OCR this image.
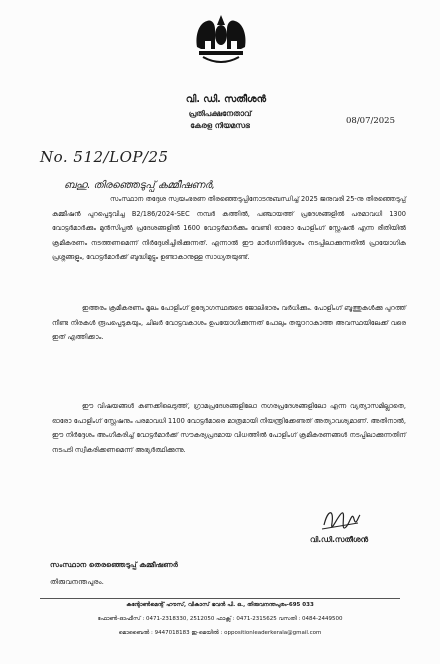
വി. ഡി. സതീശൻ
പ്രതിപക്ഷനേതാവ്
കേരള നിയമസഭ	08/07/2025
No. 512/LOP/25
ബഹു. തിരഞ്ഞെടുപ്പ് കമ്മീഷണർ,
സംസ്ഥാന തദ്ദേശ സ്വയംഭരണ തിരഞ്ഞെടുപ്പിനോടനുബന്ധിച്ച് 2025 ജനുവരി 25-നു തിരഞ്ഞെടുപ്പ് കമ്മീഷൻ പുറപ്പെടുവിച്ച B2/186/2024-SEC നമ്പർ കത്തിൽ, പഞ്ചായത്ത് പ്രദേശങ്ങളിൽ പരമാവധി 1300 വോട്ടർമാർക്കും മുൻസിപ്പൽ പ്രദേശങ്ങളിൽ 1600 വോട്ടർമാർക്കും വേണ്ടി ഓരോ പോളിംഗ് സ്റ്റേഷൻ എന്ന രീതിയിൽ ക്രമീകരണം നടത്തണമെന്ന് നിർദ്ദേശിച്ചിരിക്കുന്നത്. എന്നാൽ ഈ മാർഗനിർദ്ദേശം നടപ്പിലാക്കുന്നതിൽ പ്രായോഗിക പ്രശ്നങ്ങളും, വോട്ടർമാർക്ക് ബുദ്ധിമുട്ടും ഉണ്ടാകാനുള്ള സാധ്യതയുണ്ട്.
ഇത്തരം ക്രമീകരണം മൂലം പോളിംഗ് ഉദ്യോഗസ്ഥരുടെ ജോലിഭാരം വർധിക്കും. പോളിംഗ് ബൂത്തുകൾക്കു പുറത്ത് നീണ്ട നിരകൾ രൂപപ്പെടുകയും, ചിലർ വോട്ടവകാശം ഉപയോഗിക്കുന്നത് പോലും തയ്യാറാകാത്ത അവസ്ഥയിലേക്ക് വരെ ഇത് എത്തിക്കാം.
ഈ വിഷയങ്ങൾ കണക്കിലെടുത്ത്, ഗ്രാമപ്രദേശങ്ങളിലോ നഗരപ്രദേശങ്ങളിലോ എന്ന വ്യത്യാസമില്ലാതെ, ഓരോ പോളിംഗ് സ്റ്റേഷനും പരമാവധി 1100 വോട്ടർമാരെ മാത്രമായി നിയന്ത്രിക്കേണ്ടത് അത്യാവശ്യമാണ്. അതിനാൽ, ഈ നിർദ്ദേശം അംഗീകരിച്ച് വോട്ടർമാർക്ക് സൗകര്യപ്രദമായ വിധത്തിൽ പോളിംഗ് ക്രമീകരണങ്ങൾ നടപ്പിലാക്കുന്നതിന് നടപടി സ്വീകരിക്കണമെന്ന് അഭ്യർത്ഥിക്കുന്നു.
വി.ഡി.സതീശൻ
സംസ്ഥാന തെരഞ്ഞെടുപ്പ് കമ്മീഷണർ
തിരുവനന്തപുരം.
കന്റോൺമെന്റ് ഹൗസ്, വികാസ് ഭവൻ പി. ഒ., തിരുവനന്തപുരം-695 033
ഫോൺ-ഓഫീസ് : 0471-2318330, 2512050 ഫാക്സ് : 0471-2315625 വസതി : 0484-2449500
മൊബൈൽ : 9447018183 ഇ-മെയിൽ : oppositionleaderkerala@gmail.com
